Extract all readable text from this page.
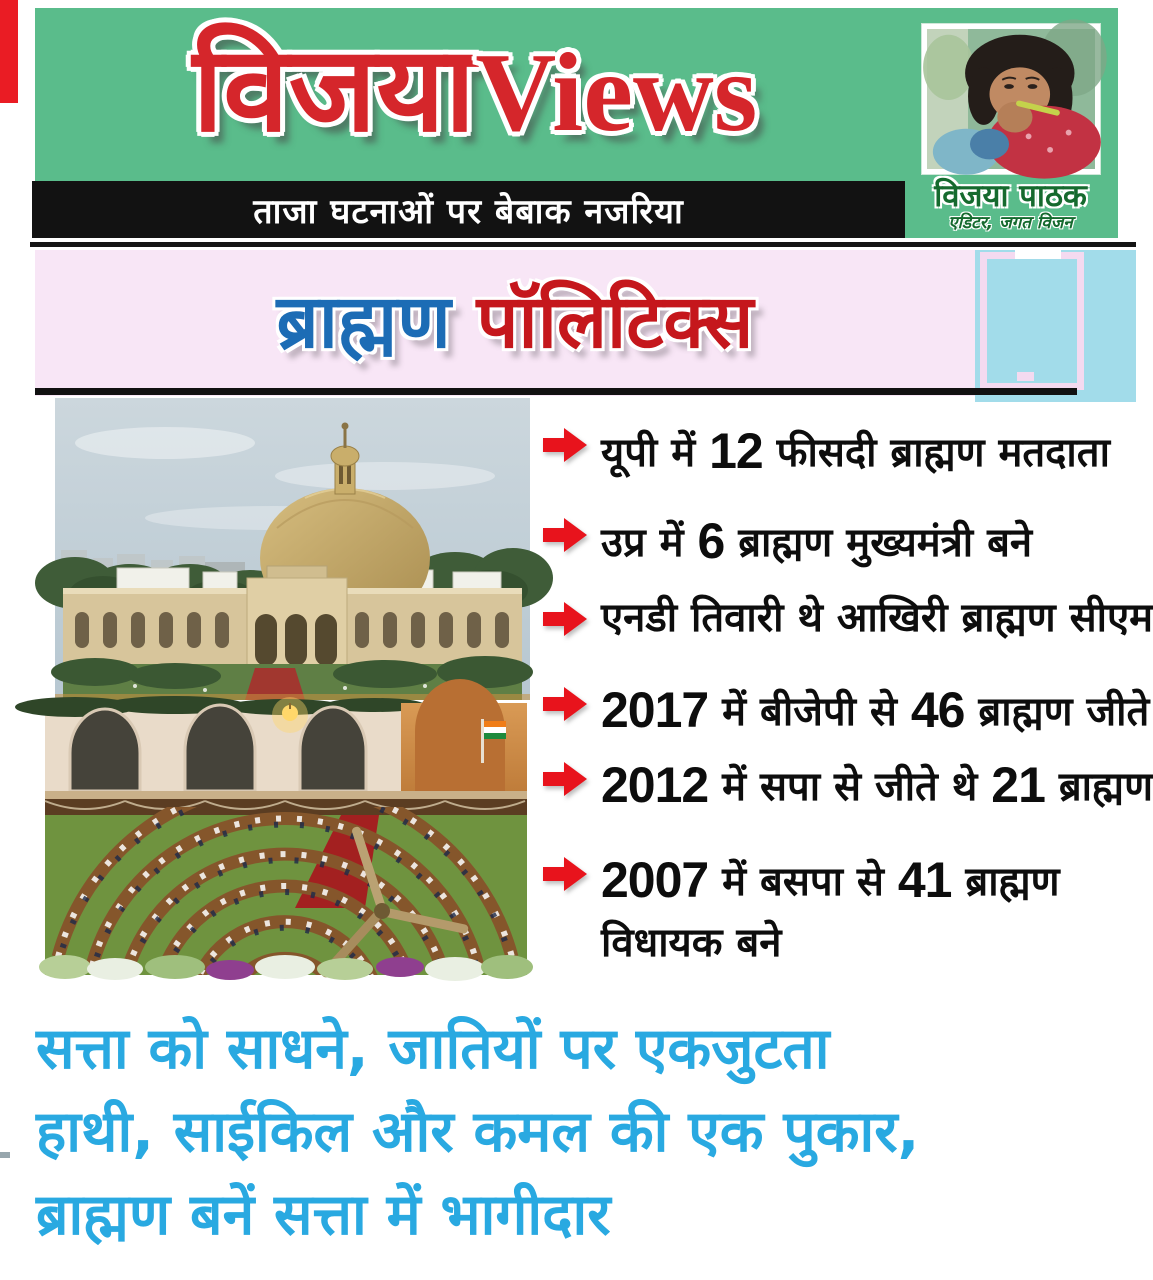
विजया Views
ताजा घटनाओं पर बेबाक नजरिया	विजया पाठक
एडिटर, जगत विजन
ब्राह्मण पॉलिटिक्स
यूपी में 12 फीसदी ब्राह्मण मतदाता
उप्र में 6 ब्राह्मण मुख्यमंत्री बने
एनडी तिवारी थे आखिरी ब्राह्मण सीएम
2017 में बीजेपी से 46 ब्राह्मण जीते
2012 में सपा से जीते थे 21 ब्राह्मण
2007 में बसपा से 41 ब्राह्मण विधायक बने
सत्ता को साधने, जातियों पर एकजुटता
हाथी, साईकिल और कमल की एक पुकार,
ब्राह्मण बनें सत्ता में भागीदार
